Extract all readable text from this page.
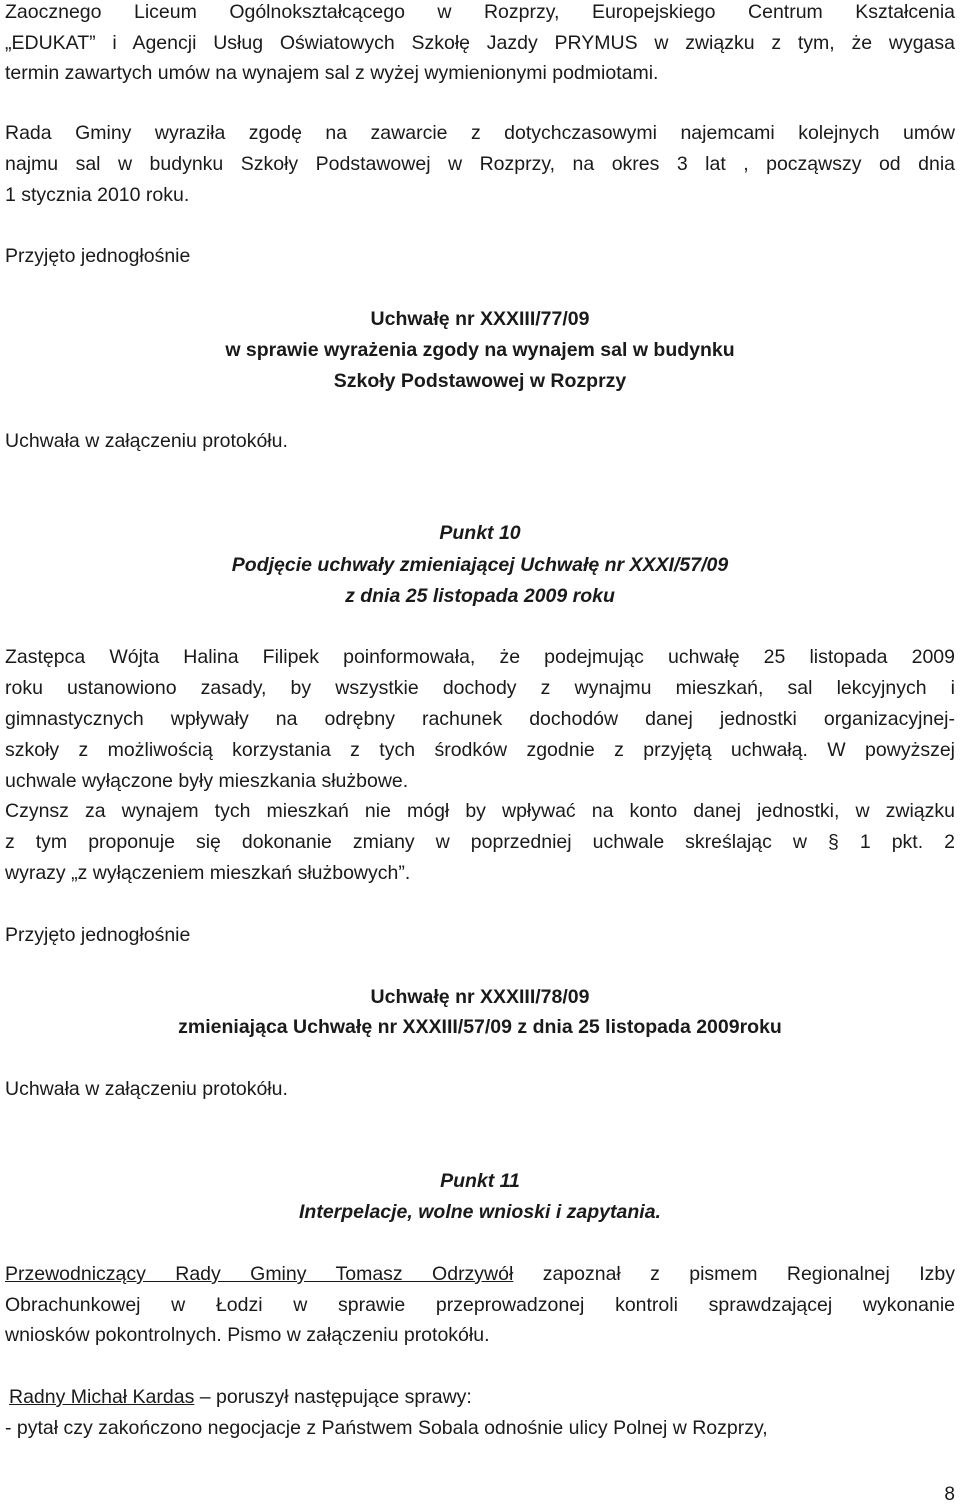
Zaocznego Liceum Ogólnokształcącego w Rozprzy, Europejskiego Centrum Kształcenia

„EDUKAT” i Agencji Usług Oświatowych Szkołę Jazdy PRYMUS w związku z tym, że wygasa

termin zawartych umów na wynajem sal z wyżej wymienionymi podmiotami.

Rada Gminy wyraziła zgodę na zawarcie z dotychczasowymi najemcami kolejnych umów

najmu sal w budynku Szkoły Podstawowej w Rozprzy, na okres 3 lat , począwszy od dnia

1 stycznia 2010 roku.

Przyjęto jednogłośnie

Uchwałę nr XXXIII/77/09

w sprawie wyrażenia zgody na wynajem sal w budynku

Szkoły Podstawowej w Rozprzy

Uchwała w załączeniu protokółu.

Punkt 10

Podjęcie uchwały zmieniającej Uchwałę nr XXXI/57/09

z dnia 25 listopada 2009 roku

Zastępca Wójta Halina Filipek poinformowała, że podejmując uchwałę 25 listopada 2009

roku ustanowiono zasady, by wszystkie dochody z wynajmu mieszkań, sal lekcyjnych i

gimnastycznych wpływały na odrębny rachunek dochodów danej jednostki organizacyjnej-

szkoły z możliwością korzystania z tych środków zgodnie z przyjętą uchwałą. W powyższej

uchwale wyłączone były mieszkania służbowe.

Czynsz za wynajem tych mieszkań nie mógł by wpływać na konto danej jednostki, w związku

z tym proponuje się dokonanie zmiany w poprzedniej uchwale skreślając w § 1 pkt. 2

wyrazy „z wyłączeniem mieszkań służbowych”.

Przyjęto jednogłośnie

Uchwałę nr XXXIII/78/09

zmieniająca Uchwałę nr XXXIII/57/09 z dnia 25 listopada 2009roku

Uchwała w załączeniu protokółu.

Punkt 11

Interpelacje, wolne wnioski i zapytania.

Przewodniczący Rady Gminy Tomasz Odrzywół zapoznał z pismem Regionalnej Izby

Obrachunkowej w Łodzi w sprawie przeprowadzonej kontroli sprawdzającej wykonanie

wniosków pokontrolnych. Pismo w załączeniu protokółu.

Radny Michał Kardas – poruszył następujące sprawy:

- pytał czy zakończono negocjacje z Państwem Sobala odnośnie ulicy Polnej w Rozprzy,

8
